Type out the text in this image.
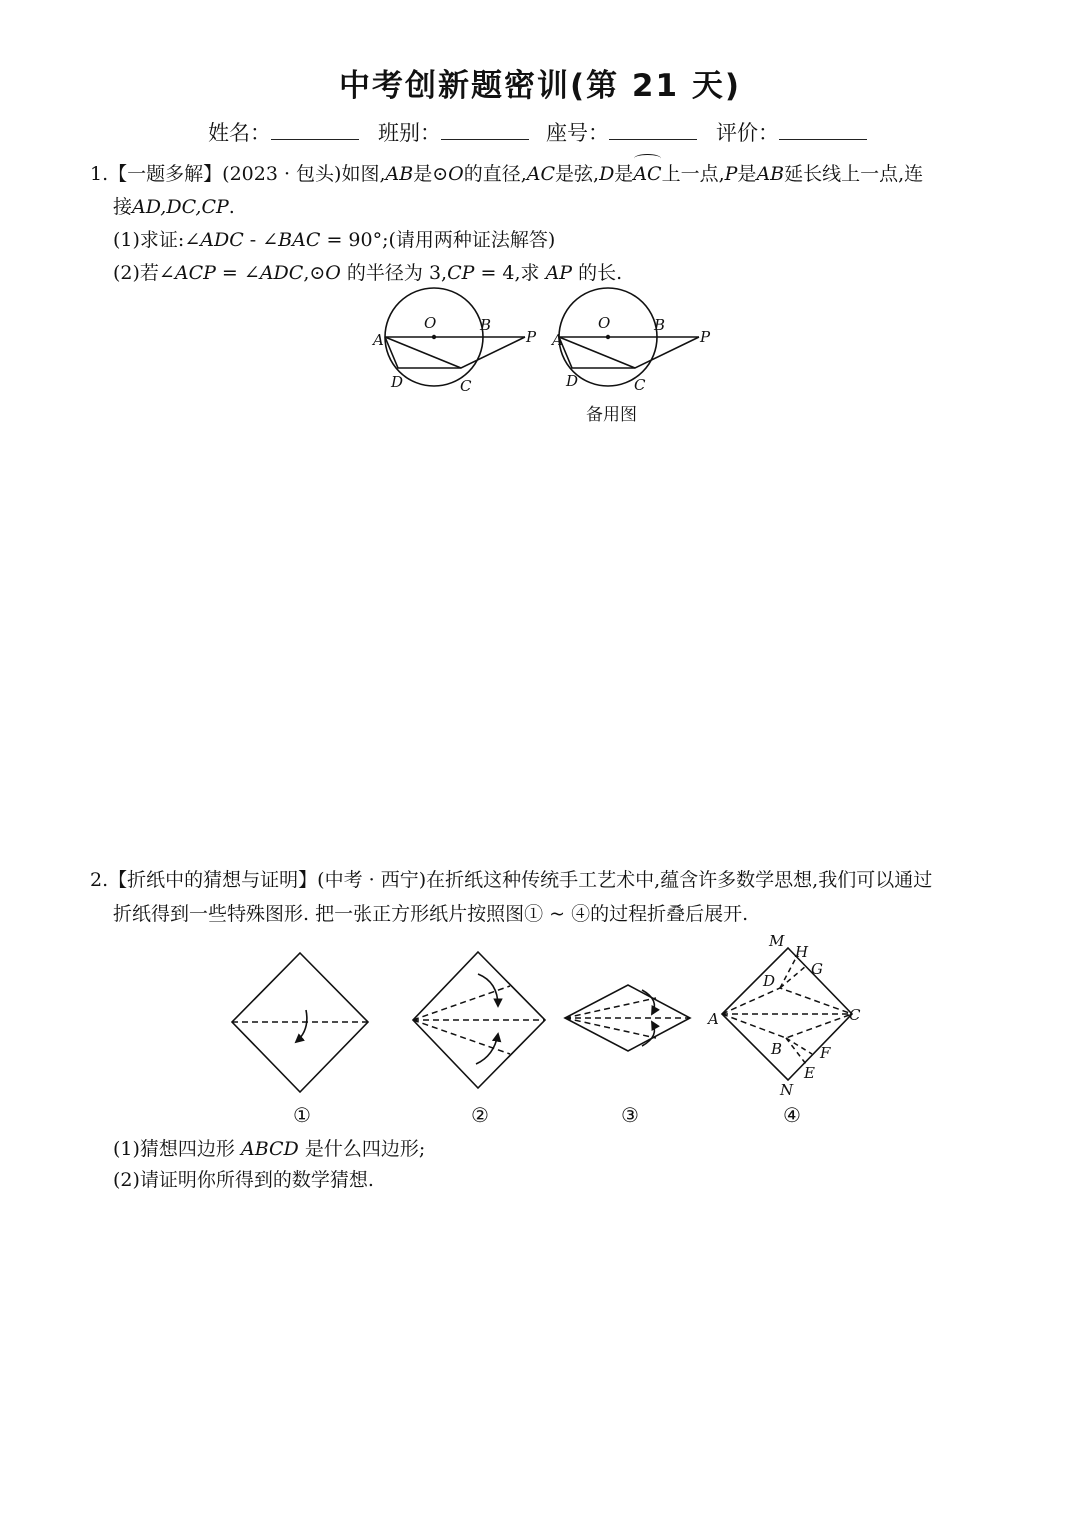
中考创新题密训(第 21 天)
姓名：	班别：	座号：	评价：
1.【一题多解】(2023 · 包头)如图,AB是⊙O的直径,AC是弦,D是AC上一点,P是AB延长线上一点,连
接AD,DC,CP.
(1)求证:∠ADC - ∠BAC = 90°;(请用两种证法解答)
(2)若∠ACP = ∠ADC,⊙O 的半径为 3,CP = 4,求 AP 的长.
A
O	B
P
D	C
A
O	B
P
D	C
备用图
2.【折纸中的猜想与证明】(中考 · 西宁)在折纸这种传统手工艺术中,蕴含许多数学思想,我们可以通过
折纸得到一些特殊图形. 把一张正方形纸片按照图① ~ ④的过程折叠后展开.
①	②	③
M
H
G
D
A	C
B	F
E
N
④
(1)猜想四边形 ABCD 是什么四边形;
(2)请证明你所得到的数学猜想.
